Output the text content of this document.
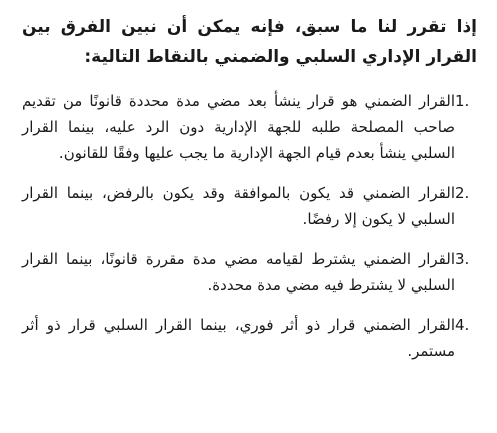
إذا تقرر لنا ما سبق، فإنه يمكن أن نبين الفرق بين القرار الإداري السلبي والضمني بالنقاط التالية:

1.

القرار الضمني هو قرار ينشأ بعد مضي مدة محددة قانونًا من تقديم صاحب المصلحة طلبه للجهة الإدارية دون الرد عليه، بينما القرار السلبي ينشأ بعدم قيام الجهة الإدارية ما يجب عليها وفقًا للقانون.

2.

القرار الضمني قد يكون بالموافقة وقد يكون بالرفض، بينما القرار السلبي لا يكون إلا رفضًا.

3.

القرار الضمني يشترط لقيامه مضي مدة مقررة قانونًا، بينما القرار السلبي لا يشترط فيه مضي مدة محددة.

4.

القرار الضمني قرار ذو أثر فوري، بينما القرار السلبي قرار ذو أثر مستمر.
